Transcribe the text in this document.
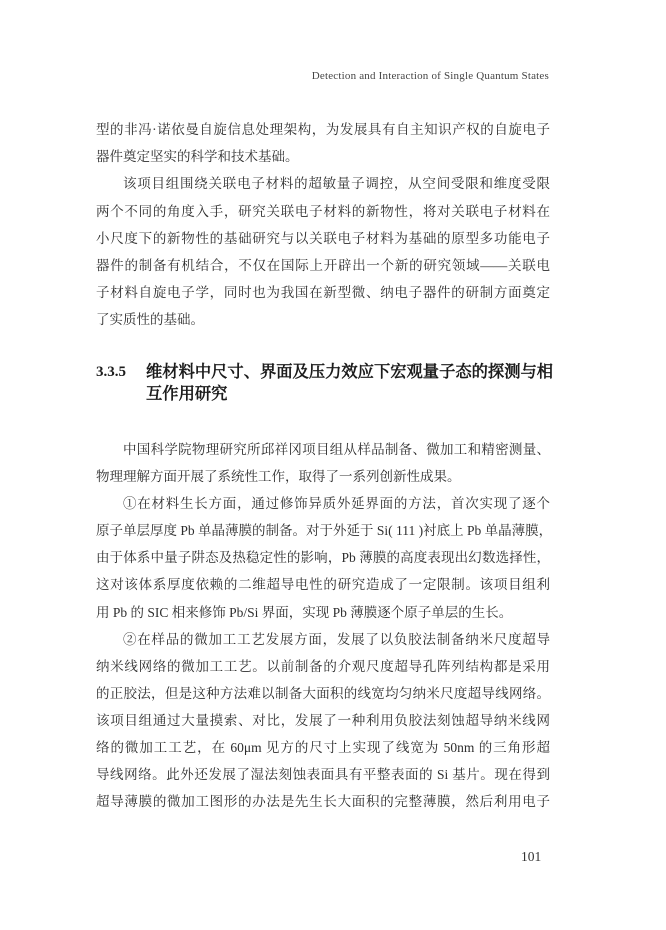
Detection and Interaction of Single Quantum States
型的非冯·诺依曼自旋信息处理架构，为发展具有自主知识产权的自旋电子
器件奠定坚实的科学和技术基础。
该项目组围绕关联电子材料的超敏量子调控，从空间受限和维度受限
两个不同的角度入手，研究关联电子材料的新物性，将对关联电子材料在
小尺度下的新物性的基础研究与以关联电子材料为基础的原型多功能电子
器件的制备有机结合，不仅在国际上开辟出一个新的研究领域——关联电
子材料自旋电子学，同时也为我国在新型微、纳电子器件的研制方面奠定
了实质性的基础。
3.3.5	维材料中尺寸、界面及压力效应下宏观量子态的探测与相
互作用研究
中国科学院物理研究所邱祥冈项目组从样品制备、微加工和精密测量、
物理理解方面开展了系统性工作，取得了一系列创新性成果。
①在材料生长方面，通过修饰异质外延界面的方法，首次实现了逐个
原子单层厚度 Pb 单晶薄膜的制备。对于外延于 Si( 111 )衬底上 Pb 单晶薄膜，
由于体系中量子阱态及热稳定性的影响，Pb 薄膜的高度表现出幻数选择性，
这对该体系厚度依赖的二维超导电性的研究造成了一定限制。该项目组利
用 Pb 的 SIC 相来修饰 Pb/Si 界面，实现 Pb 薄膜逐个原子单层的生长。
②在样品的微加工工艺发展方面，发展了以负胶法制备纳米尺度超导
纳米线网络的微加工工艺。以前制备的介观尺度超导孔阵列结构都是采用
的正胶法，但是这种方法难以制备大面积的线宽均匀纳米尺度超导线网络。
该项目组通过大量摸索、对比，发展了一种利用负胶法刻蚀超导纳米线网
络的微加工工艺，在 60μm 见方的尺寸上实现了线宽为 50nm 的三角形超
导线网络。此外还发展了湿法刻蚀表面具有平整表面的 Si 基片。现在得到
超导薄膜的微加工图形的办法是先生长大面积的完整薄膜，然后利用电子
101
